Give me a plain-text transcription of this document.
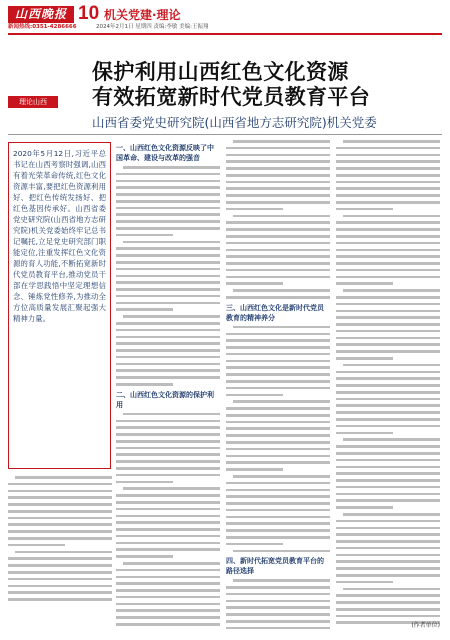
山西晚报 10 机关党建·理论
新闻热线:0351-4286666	2024年2月1日 星期四 责编:李敏 美编:王振翔
理论山西
保护利用山西红色文化资源
有效拓宽新时代党员教育平台
山西省委党史研究院(山西省地方志研究院)机关党委

2020年5月12日,习近平总书记在山西考察时强调,山西有着光荣革命传统,红色文化资源丰富,要把红色资源利用好、把红色传统发扬好、把红色基因传承好。山西省委党史研究院(山西省地方志研究院)机关党委始终牢记总书记嘱托,立足党史研究部门职能定位,注重发挥红色文化资源的育人功能,不断拓宽新时代党员教育平台,推动党员干部在学思践悟中坚定理想信念、锤炼党性修养,为推动全方位高质量发展汇聚起强大精神力量。

一、山西红色文化资源反映了中国革命、建设与改革的强音
二、山西红色文化资源的保护利用
三、山西红色文化是新时代党员教育的精神养分
四、新时代拓宽党员教育平台的路径选择
(作者单位)
